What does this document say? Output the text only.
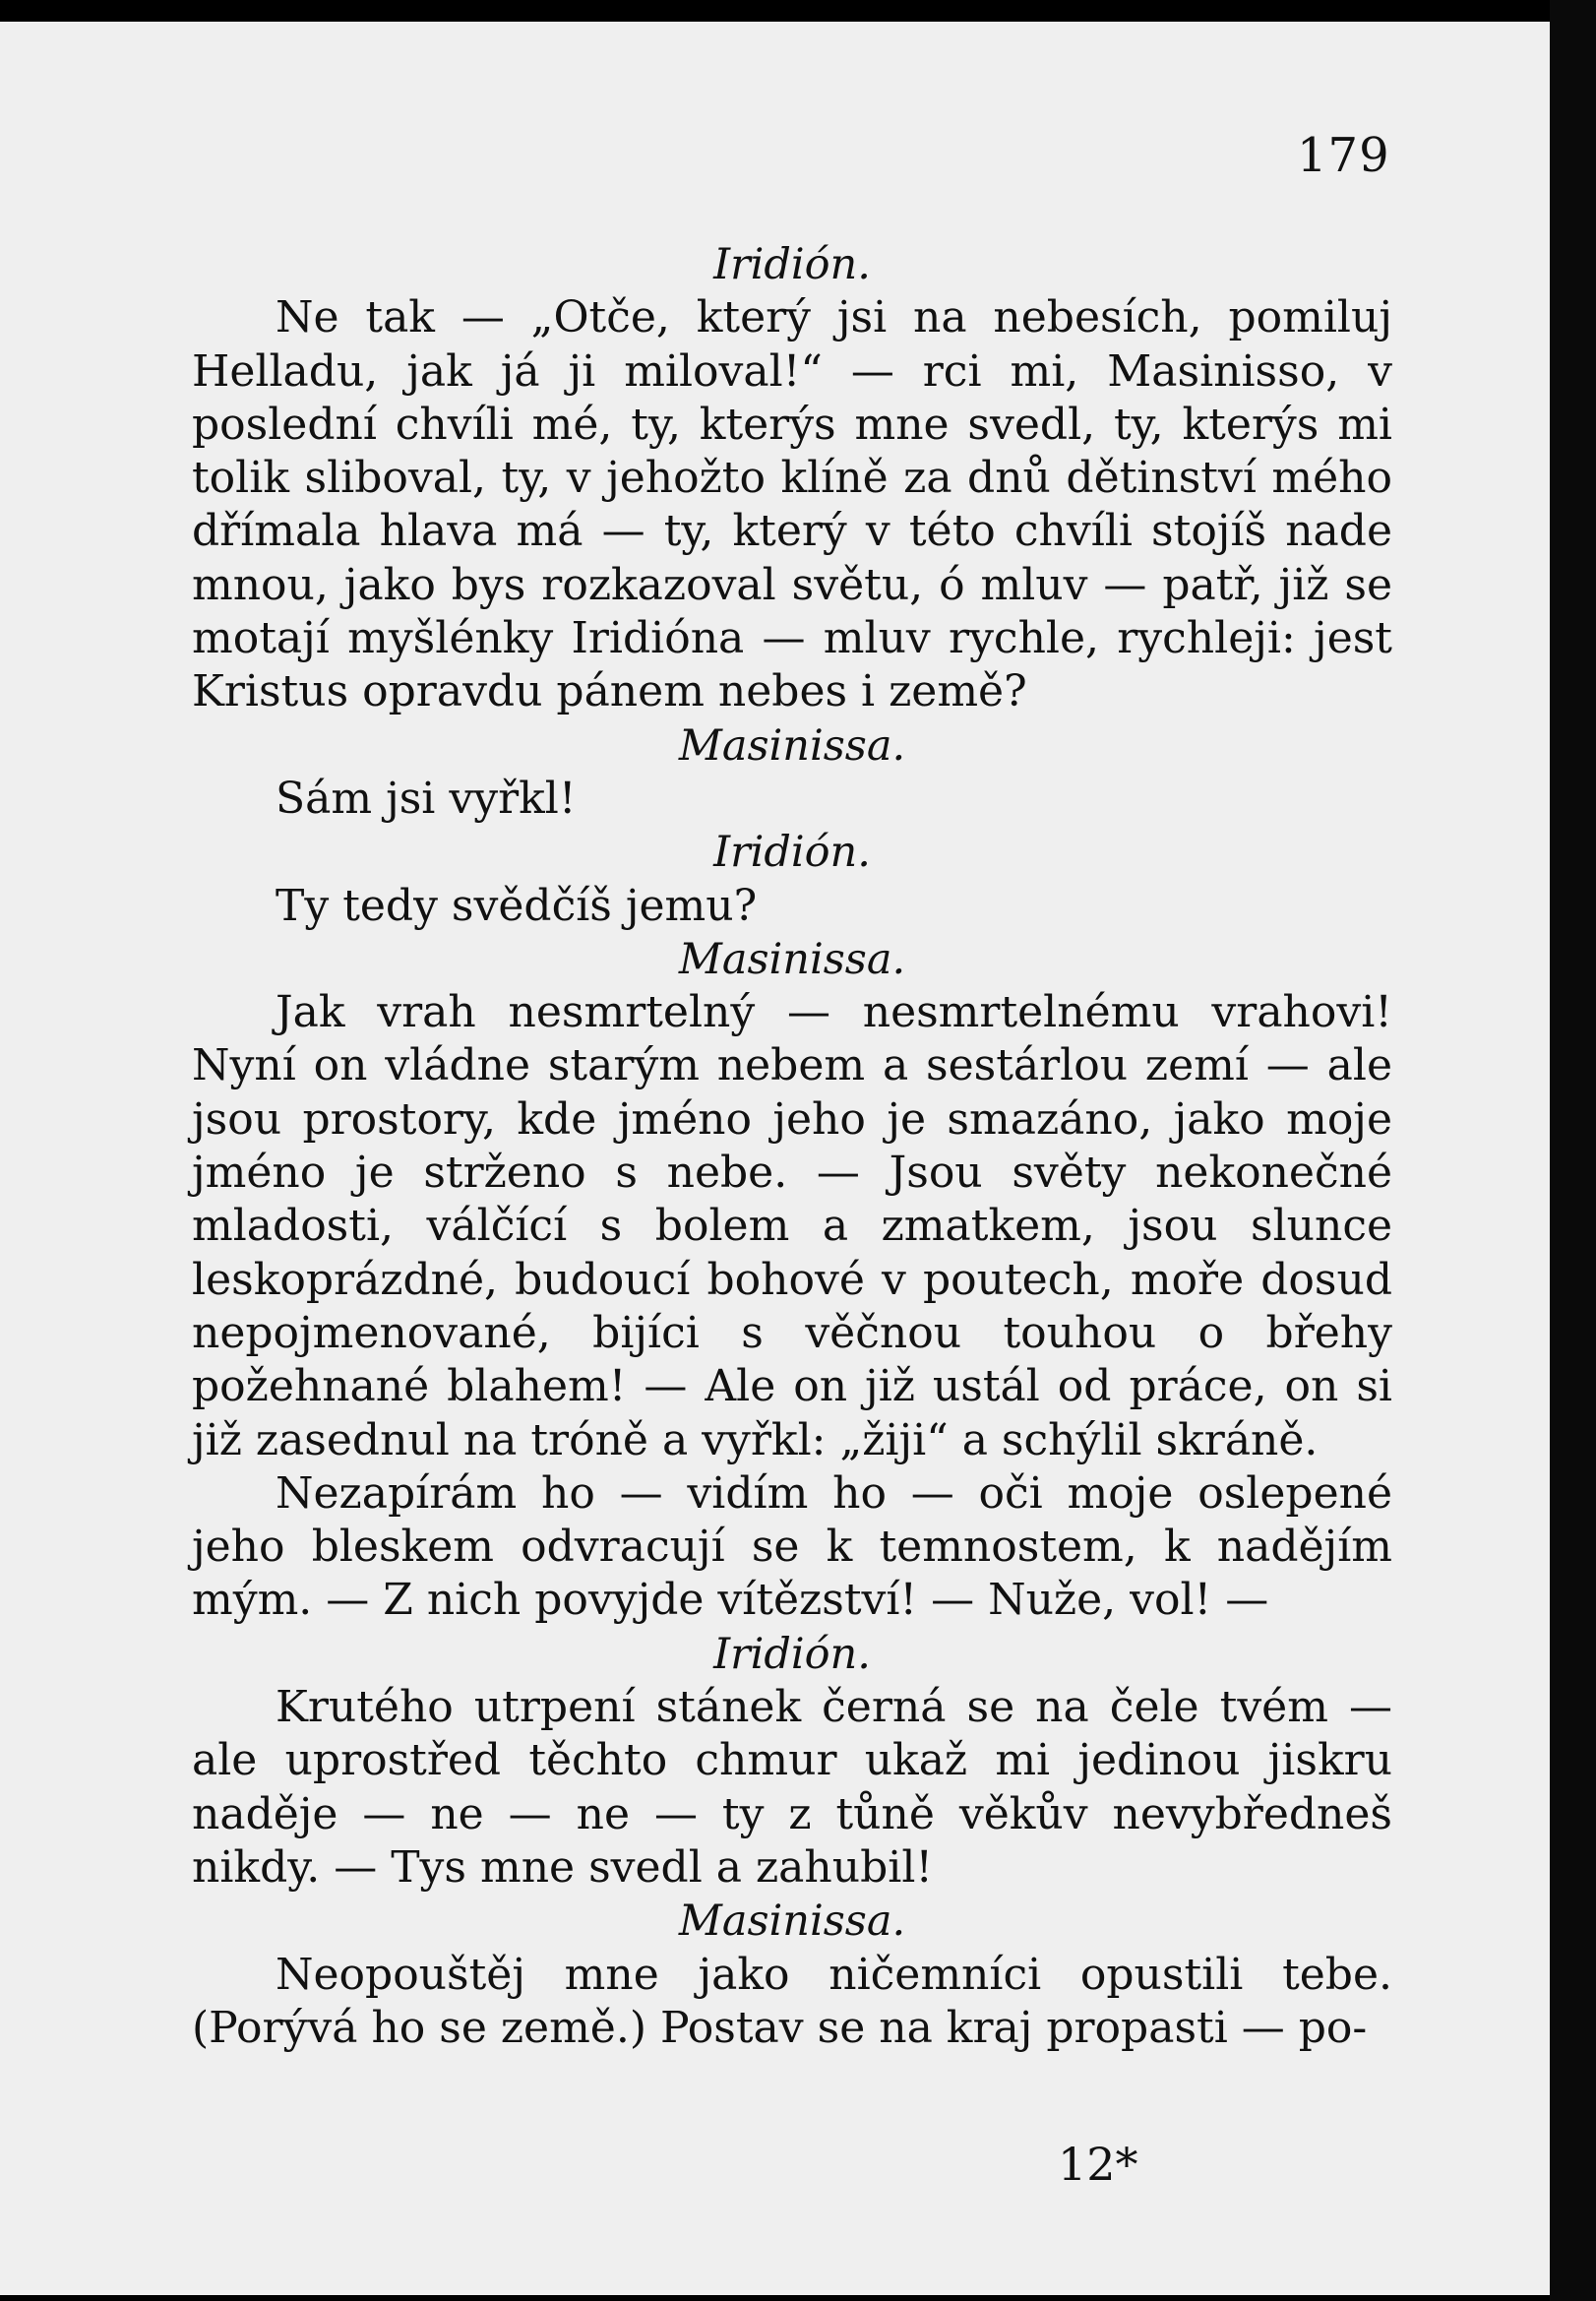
179
Iridión.
Ne tak — „Otče, který jsi na nebesích, pomiluj Helladu, jak já ji miloval!“ — rci mi, Masinisso, v poslední chvíli mé, ty, kterýs mne svedl, ty, kterýs mi tolik sliboval, ty, v jehožto klíně za dnů dětinství mého dřímala hlava má — ty, který v této chvíli stojíš nade mnou, jako bys rozkazoval světu, ó mluv — patř, již se motají myšlénky Iridióna — mluv rychle, rychleji: jest Kristus opravdu pánem nebes i země?
Masinissa.
Sám jsi vyřkl!
Iridión.
Ty tedy svědčíš jemu?
Masinissa.
Jak vrah nesmrtelný — nesmrtelnému vrahovi! Nyní on vládne starým nebem a sestárlou zemí — ale jsou prostory, kde jméno jeho je smazáno, jako moje jméno je strženo s nebe. — Jsou světy nekonečné mladosti, válčící s bolem a zmatkem, jsou slunce leskoprázdné, budoucí bohové v poutech, moře dosud nepojmenované, bijíci s věčnou touhou o břehy požehnané blahem! — Ale on již ustál od práce, on si již zasednul na tróně a vyřkl: „žiji“ a schýlil skráně.
Nezapírám ho — vidím ho — oči moje oslepené jeho bleskem odvracují se k temnostem, k nadějím mým. — Z nich povyjde vítězství! — Nuže, vol! —
Iridión.
Krutého utrpení stánek černá se na čele tvém — ale uprostřed těchto chmur ukaž mi jedinou jiskru naděje — ne — ne — ty z tůně věkův nevybředneš nikdy. — Tys mne svedl a zahubil!
Masinissa.
Neopouštěj mne jako ničemníci opustili tebe. (Porývá ho se země.) Postav se na kraj propasti — po-
12*
